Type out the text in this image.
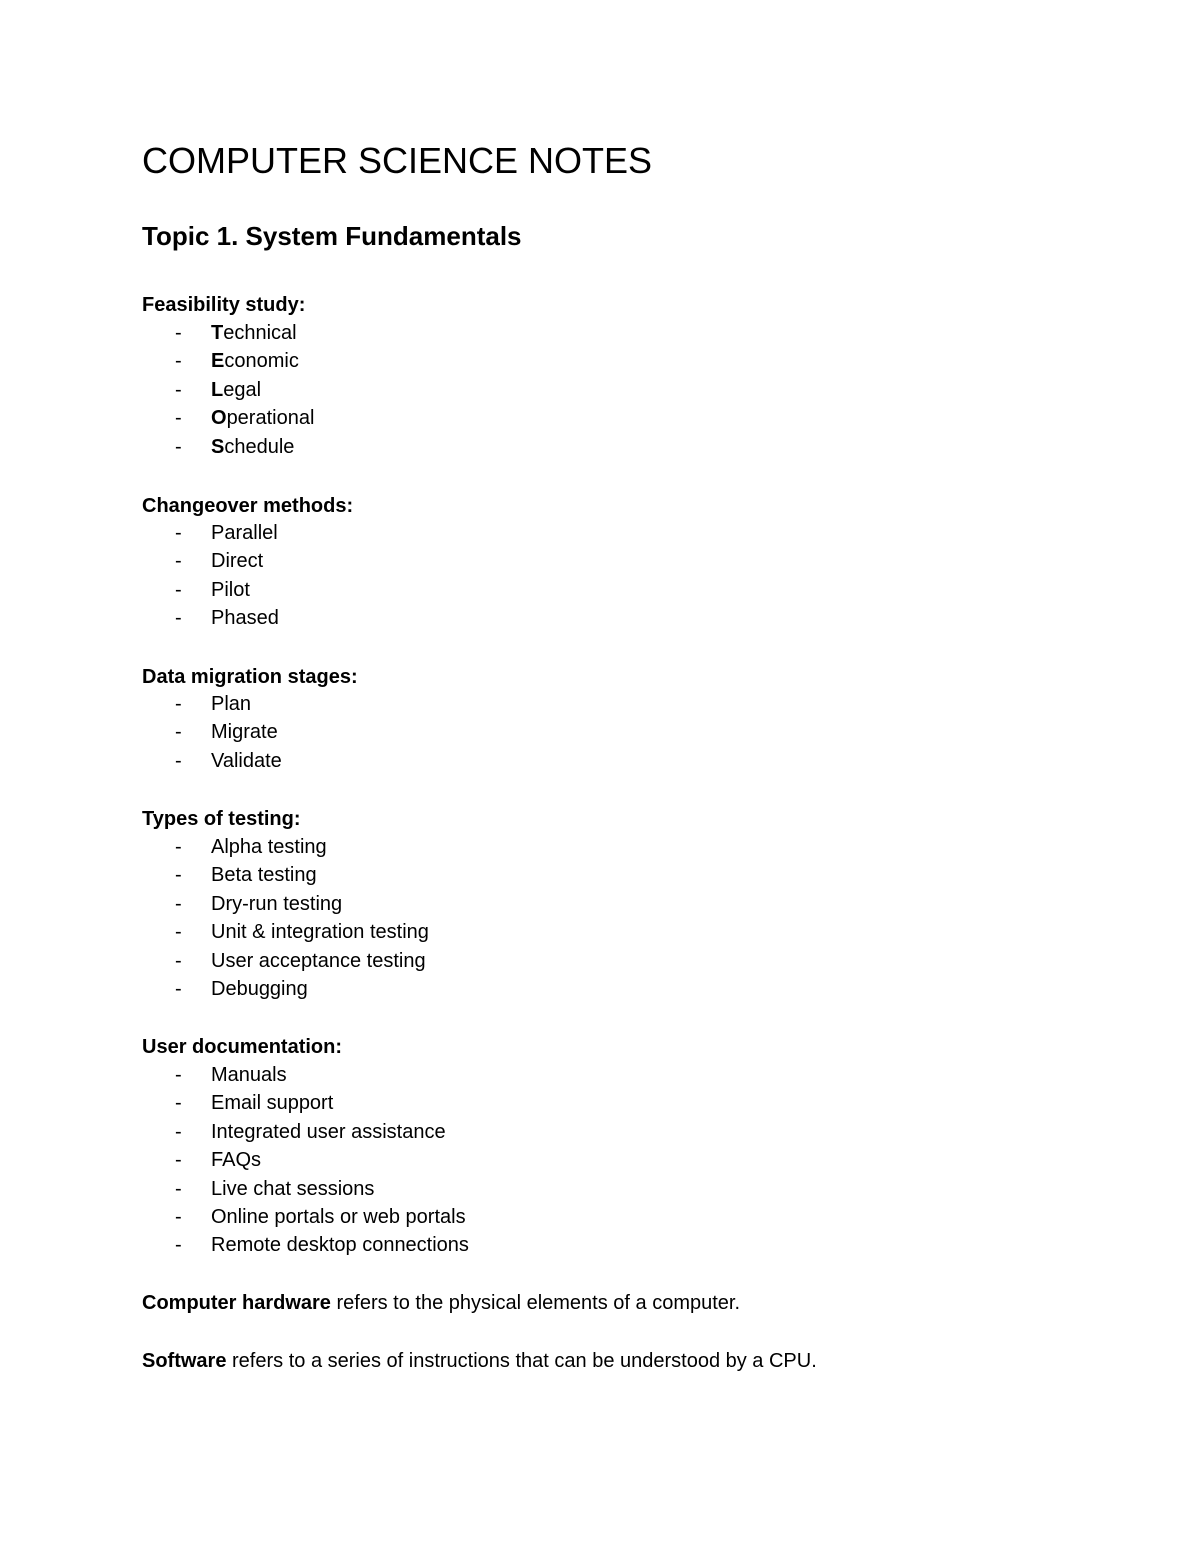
COMPUTER SCIENCE NOTES
Topic 1. System Fundamentals
Feasibility study:
- Technical
- Economic
- Legal
- Operational
- Schedule
Changeover methods:
- Parallel
- Direct
- Pilot
- Phased
Data migration stages:
- Plan
- Migrate
- Validate
Types of testing:
- Alpha testing
- Beta testing
- Dry-run testing
- Unit & integration testing
- User acceptance testing
- Debugging
User documentation:
- Manuals
- Email support
- Integrated user assistance
- FAQs
- Live chat sessions
- Online portals or web portals
- Remote desktop connections

Computer hardware refers to the physical elements of a computer.

Software refers to a series of instructions that can be understood by a CPU.
